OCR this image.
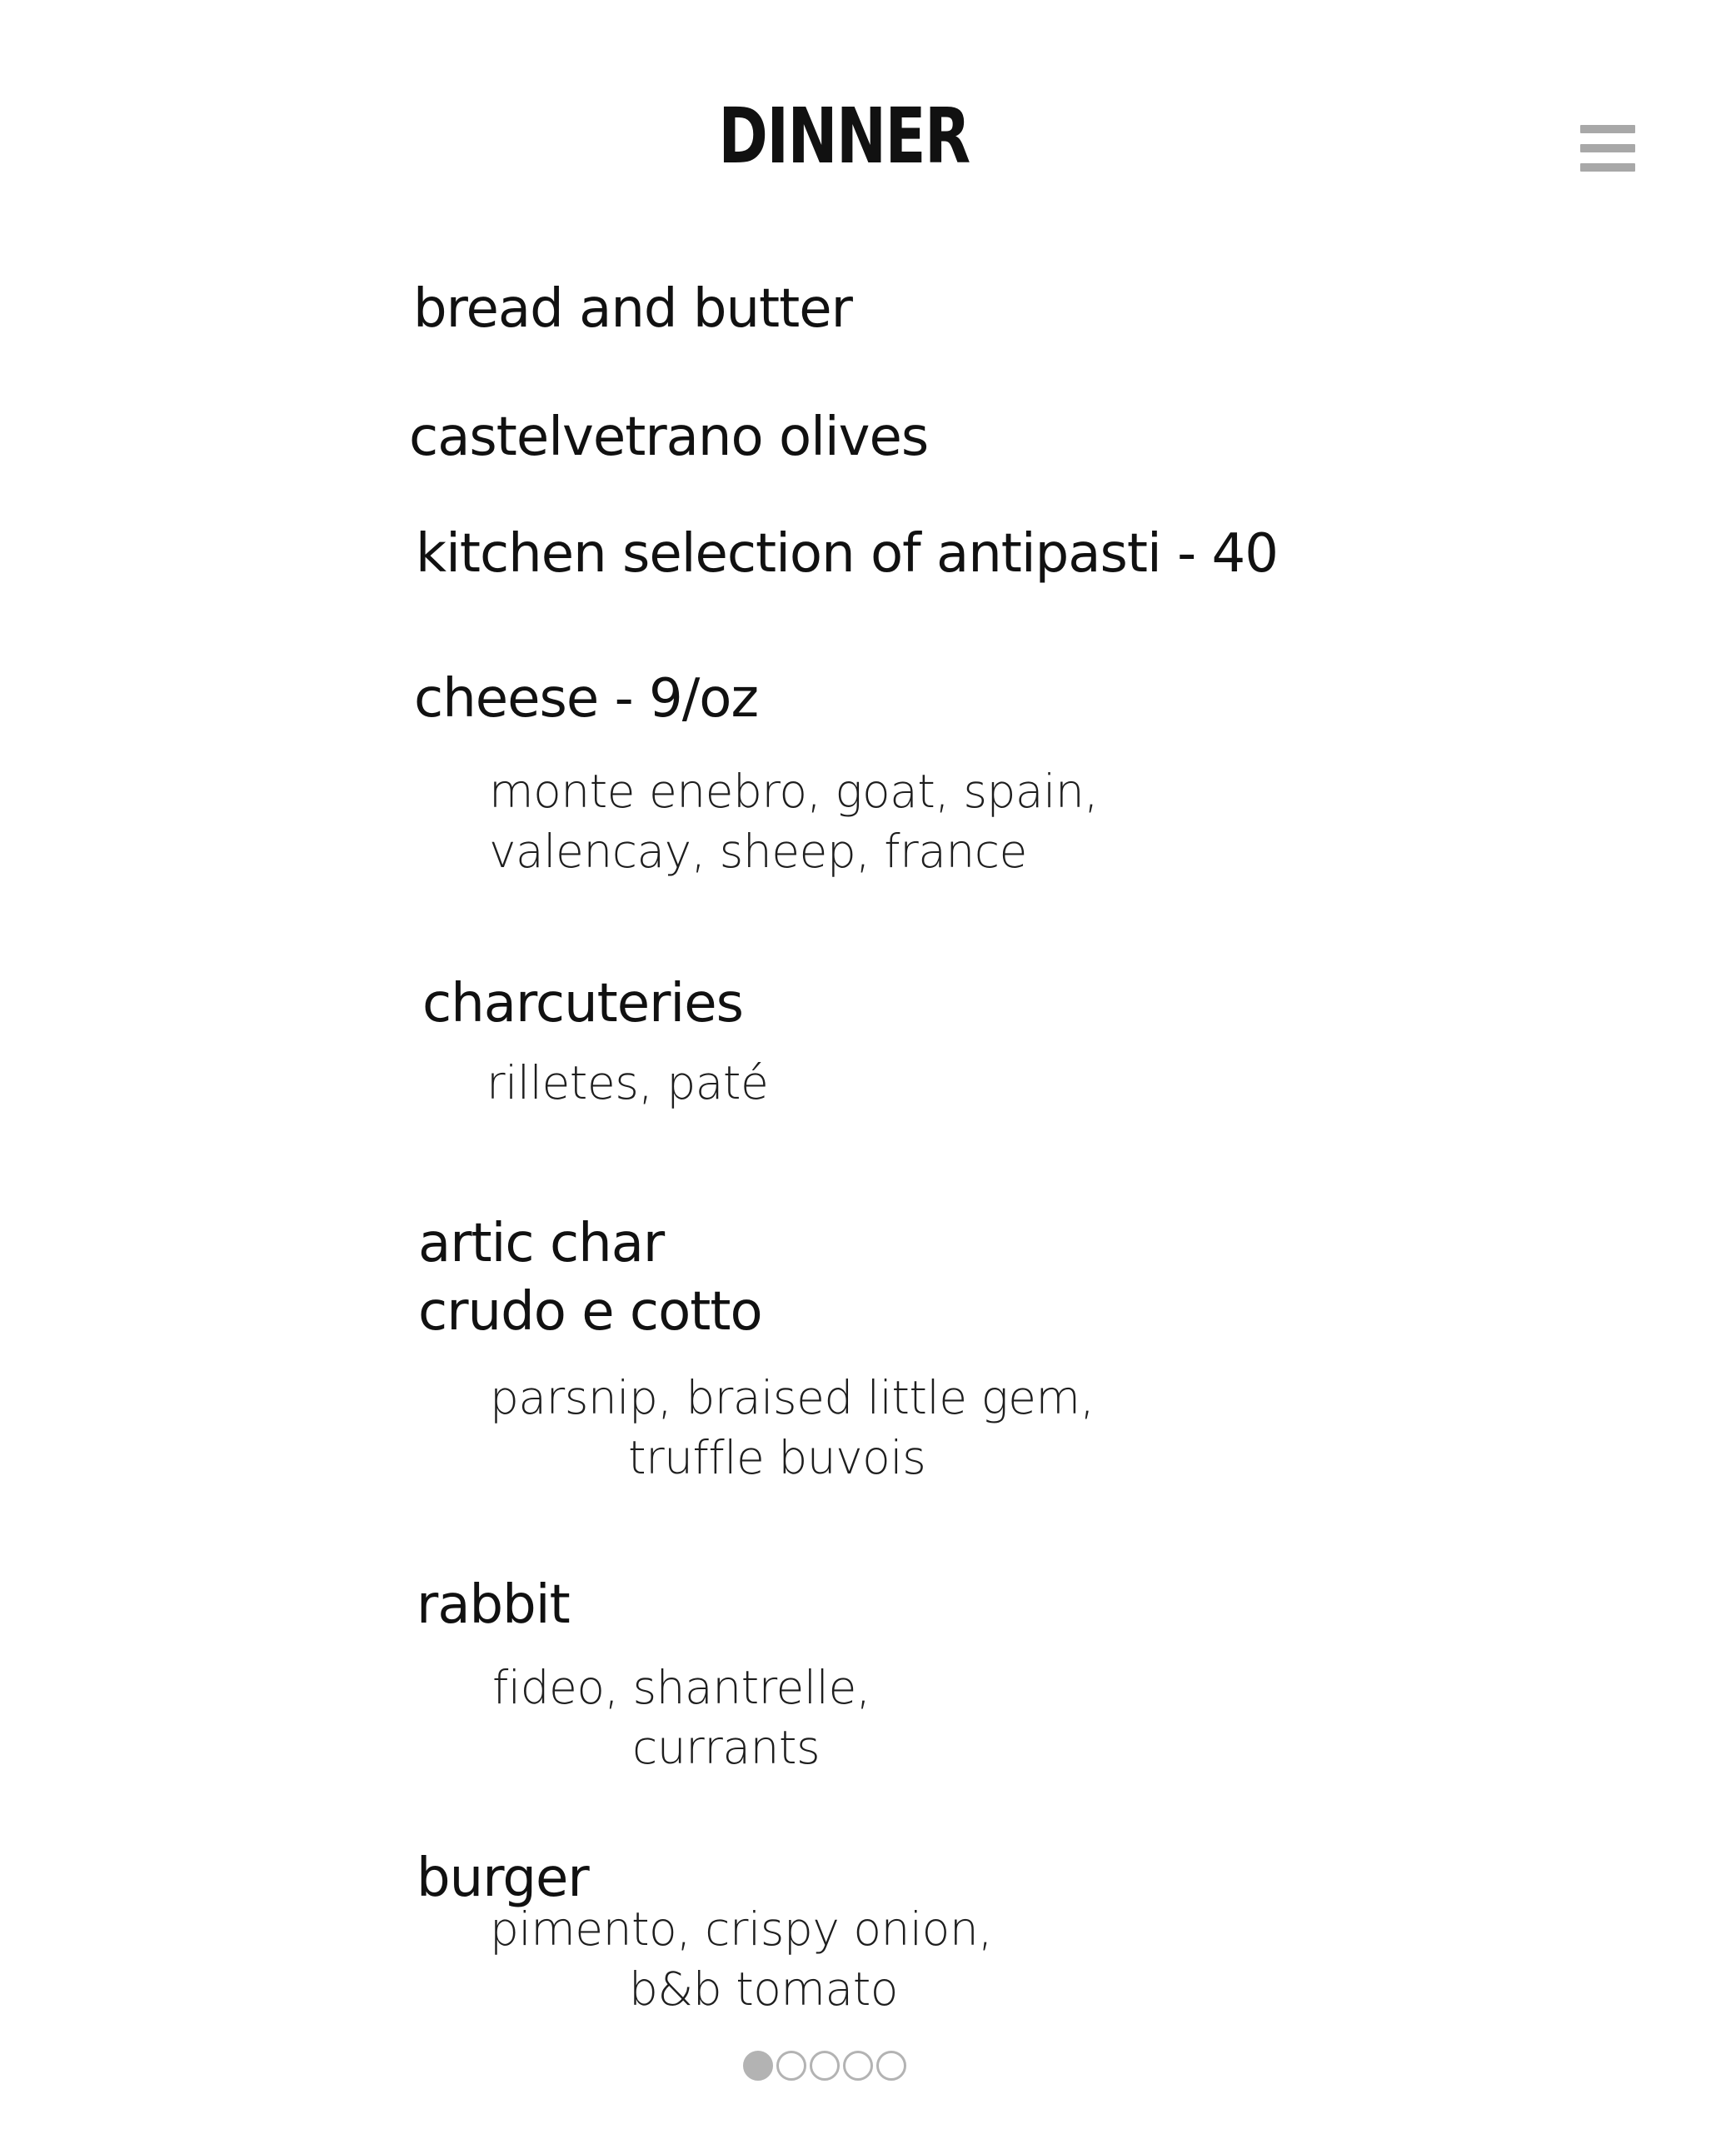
DINNER
bread and butter
castelvetrano olives
kitchen selection of antipasti - 40
cheese - 9/oz
monte enebro, goat, spain,
valencay, sheep, france
charcuteries
rilletes, paté
artic char
crudo e cotto
parsnip, braised little gem,
truffle buvois
rabbit
fideo, shantrelle,
currants
burger
pimento, crispy onion,
b&b tomato
